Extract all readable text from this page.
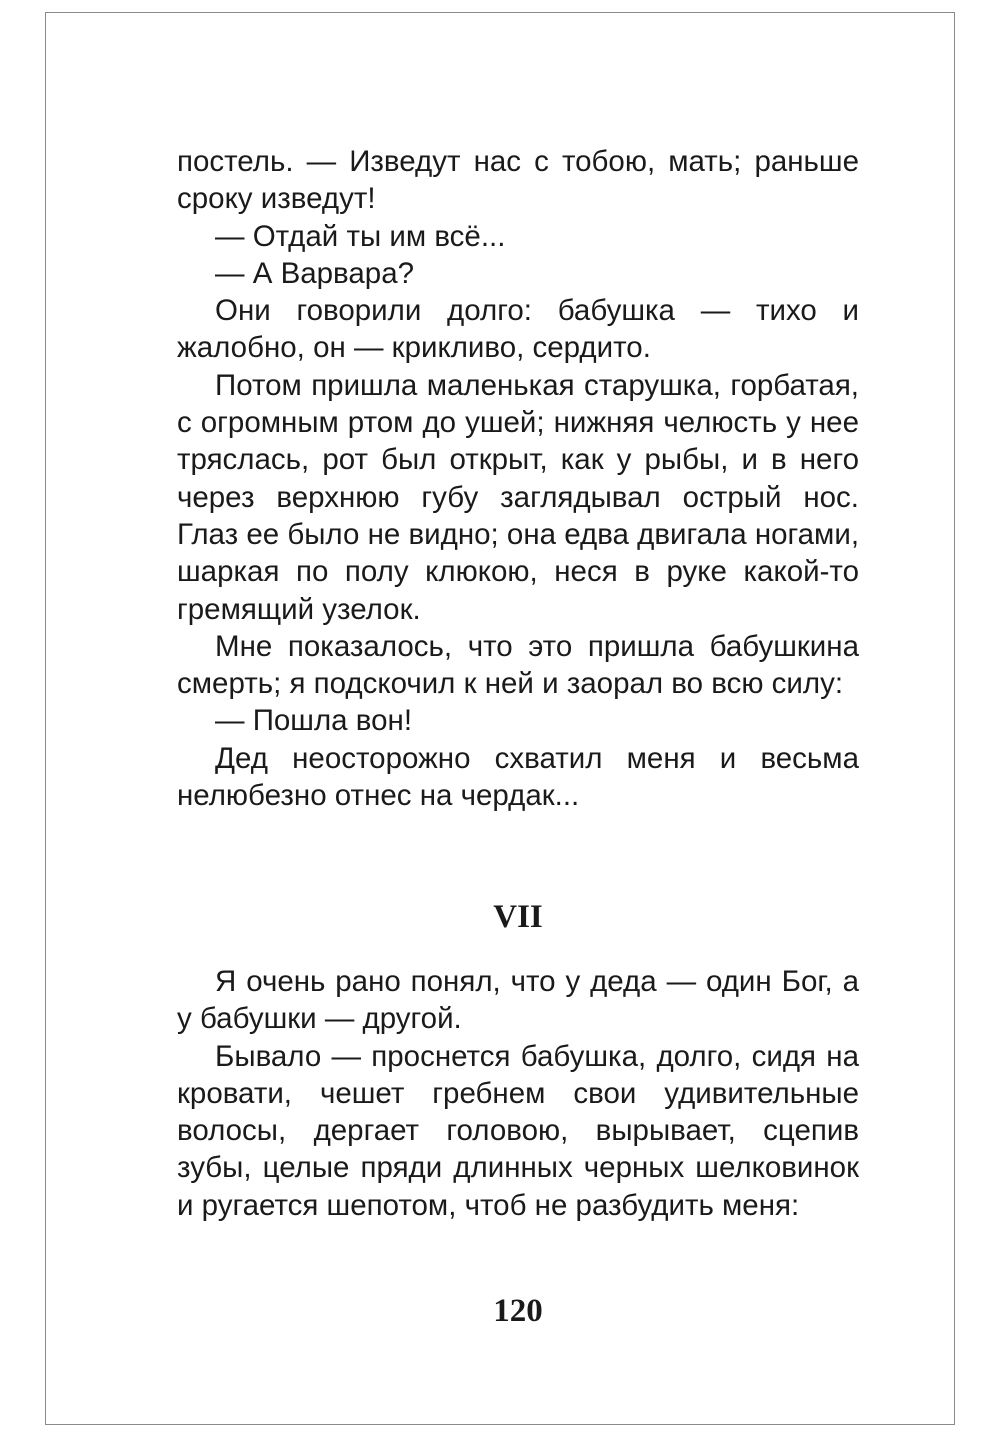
постель. — Изведут нас с тобою, мать; раньше сроку изведут!

— Отдай ты им всё...

— А Варвара?

Они говорили долго: бабушка — тихо и жалобно, он — крикливо, сердито.

Потом пришла маленькая старушка, горбатая, с огромным ртом до ушей; нижняя челюсть у нее тряслась, рот был открыт, как у рыбы, и в него через верхнюю губу заглядывал острый нос. Глаз ее было не видно; она едва двигала ногами, шаркая по полу клюкою, неся в руке какой-то гремящий узелок.

Мне показалось, что это пришла бабушкина смерть; я подскочил к ней и заорал во всю силу:

— Пошла вон!

Дед неосторожно схватил меня и весьма нелюбезно отнес на чердак...

VII

Я очень рано понял, что у деда — один Бог, а у бабушки — другой.

Бывало — проснется бабушка, долго, сидя на кровати, чешет гребнем свои удивительные волосы, дергает головою, вырывает, сцепив зубы, целые пряди длинных черных шелковинок и ругается шепотом, чтоб не разбудить меня:

120
